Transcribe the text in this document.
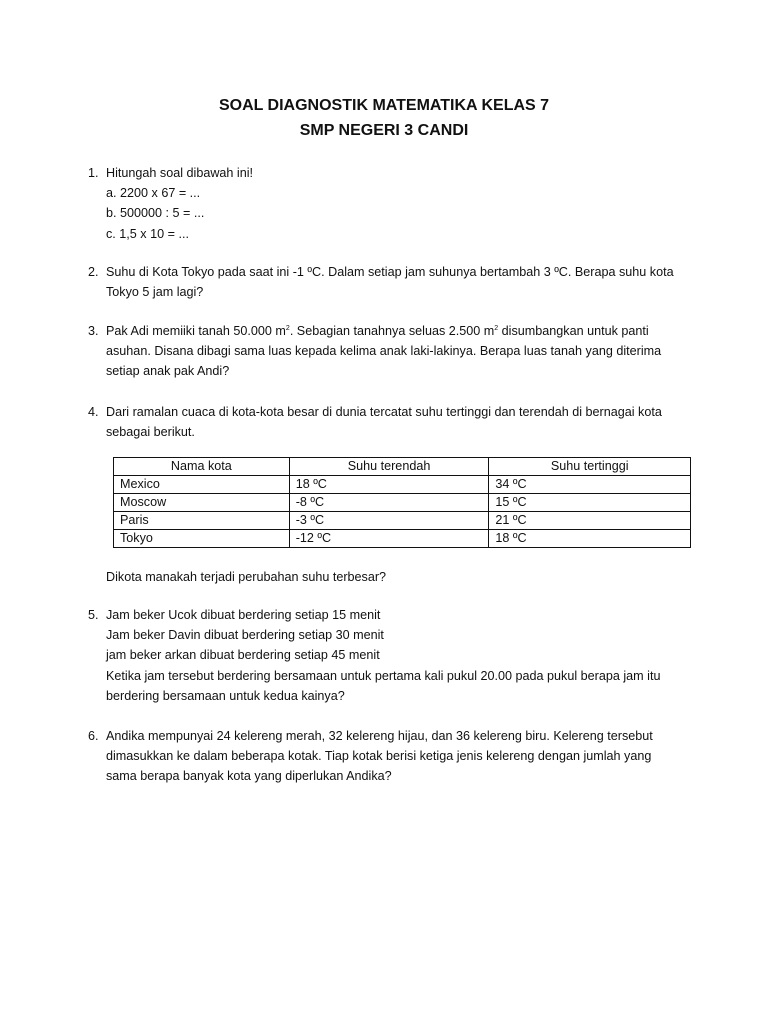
SOAL DIAGNOSTIK MATEMATIKA KELAS 7
SMP NEGERI 3 CANDI
1. Hitungah soal dibawah ini!
a. 2200 x 67 = ...
b. 500000 : 5 = ...
c. 1,5 x 10 = ...
2. Suhu di Kota Tokyo pada saat ini -1 ºC. Dalam setiap jam suhunya bertambah 3 ºC. Berapa suhu kota
Tokyo 5 jam lagi?
3. Pak Adi memiiki tanah 50.000 $m^2$. Sebagian tanahnya seluas 2.500 $m^2$ disumbangkan untuk panti
asuhan. Disana dibagi sama luas kepada kelima anak laki-lakinya. Berapa luas tanah yang diterima
setiap anak pak Andi?
4. Dari ramalan cuaca di kota-kota besar di dunia tercatat suhu tertinggi dan terendah di bernagai kota
sebagai berikut.
Nama kota	Suhu terendah	Suhu tertinggi
Mexico	18 ºC	34 ºC
Moscow	-8 ºC	15 ºC
Paris	-3 ºC	21 ºC
Tokyo	-12 ºC	18 ºC
Dikota manakah terjadi perubahan suhu terbesar?
5. Jam beker Ucok dibuat berdering setiap 15 menit
Jam beker Davin dibuat berdering setiap 30 menit
jam beker arkan dibuat berdering setiap 45 menit
Ketika jam tersebut berdering bersamaan untuk pertama kali pukul 20.00 pada pukul berapa jam itu
berdering bersamaan untuk kedua kainya?
6. Andika mempunyai 24 kelereng merah, 32 kelereng hijau, dan 36 kelereng biru. Kelereng tersebut
dimasukkan ke dalam beberapa kotak. Tiap kotak berisi ketiga jenis kelereng dengan jumlah yang
sama berapa banyak kota yang diperlukan Andika?
